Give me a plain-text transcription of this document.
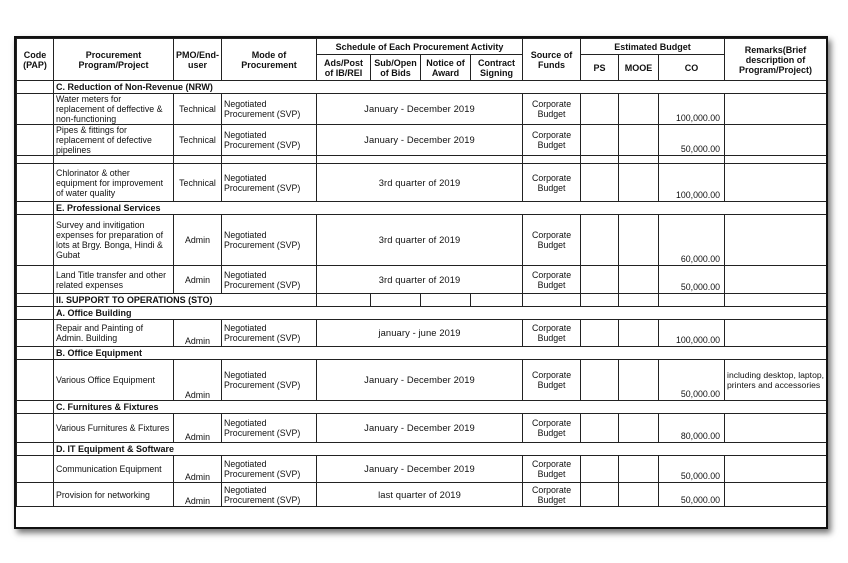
Code (PAP)	Procurement Program/Project	PMO/End-user	Mode of Procurement	Schedule of Each Procurement Activity				Source of Funds	Estimated Budget			Remarks(Brief description of Program/Project)
				Ads/Post of IB/REI	Sub/Open of Bids	Notice of Award	Contract Signing		PS	MOOE	CO	
	C. Reduction of Non-Revenue (NRW)											
	Water meters for replacement of deffective & non-functioning	Technical	Negotiated Procurement (SVP)	January - December 2019				Corporate Budget			100,000.00	
	Pipes & fittings for replacement of defective pipelines	Technical	Negotiated Procurement (SVP)	January - December 2019				Corporate Budget			50,000.00	

	Chlorinator & other equipment for improvement of water quality	Technical	Negotiated Procurement (SVP)	3rd quarter of 2019				Corporate Budget			100,000.00	
	E. Professional Services											
	Survey and invitigation expenses for preparation of lots at Brgy. Bonga, Hindi & Gubat	Admin	Negotiated Procurement (SVP)	3rd quarter of 2019				Corporate Budget			60,000.00	
	Land Title transfer and other related expenses	Admin	Negotiated Procurement (SVP)	3rd quarter of 2019				Corporate Budget			50,000.00	
	II. SUPPORT TO OPERATIONS (STO)											
	A. Office Building											
	Repair and Painting of Admin. Building	Admin	Negotiated Procurement (SVP)	january - june 2019				Corporate Budget			100,000.00	
	B. Office Equipment											
	Various Office Equipment	Admin	Negotiated Procurement (SVP)	January - December 2019				Corporate Budget			50,000.00	including desktop, laptop, printers and accessories
	C. Furnitures & Fixtures											
	Various Furnitures & Fixtures	Admin	Negotiated Procurement (SVP)	January - December 2019				Corporate Budget			80,000.00	
	D. IT Equipment & Software											
	Communication Equipment	Admin	Negotiated Procurement (SVP)	January - December 2019				Corporate Budget			50,000.00	
	Provision for networking	Admin	Negotiated Procurement (SVP)	last quarter of 2019				Corporate Budget			50,000.00	
